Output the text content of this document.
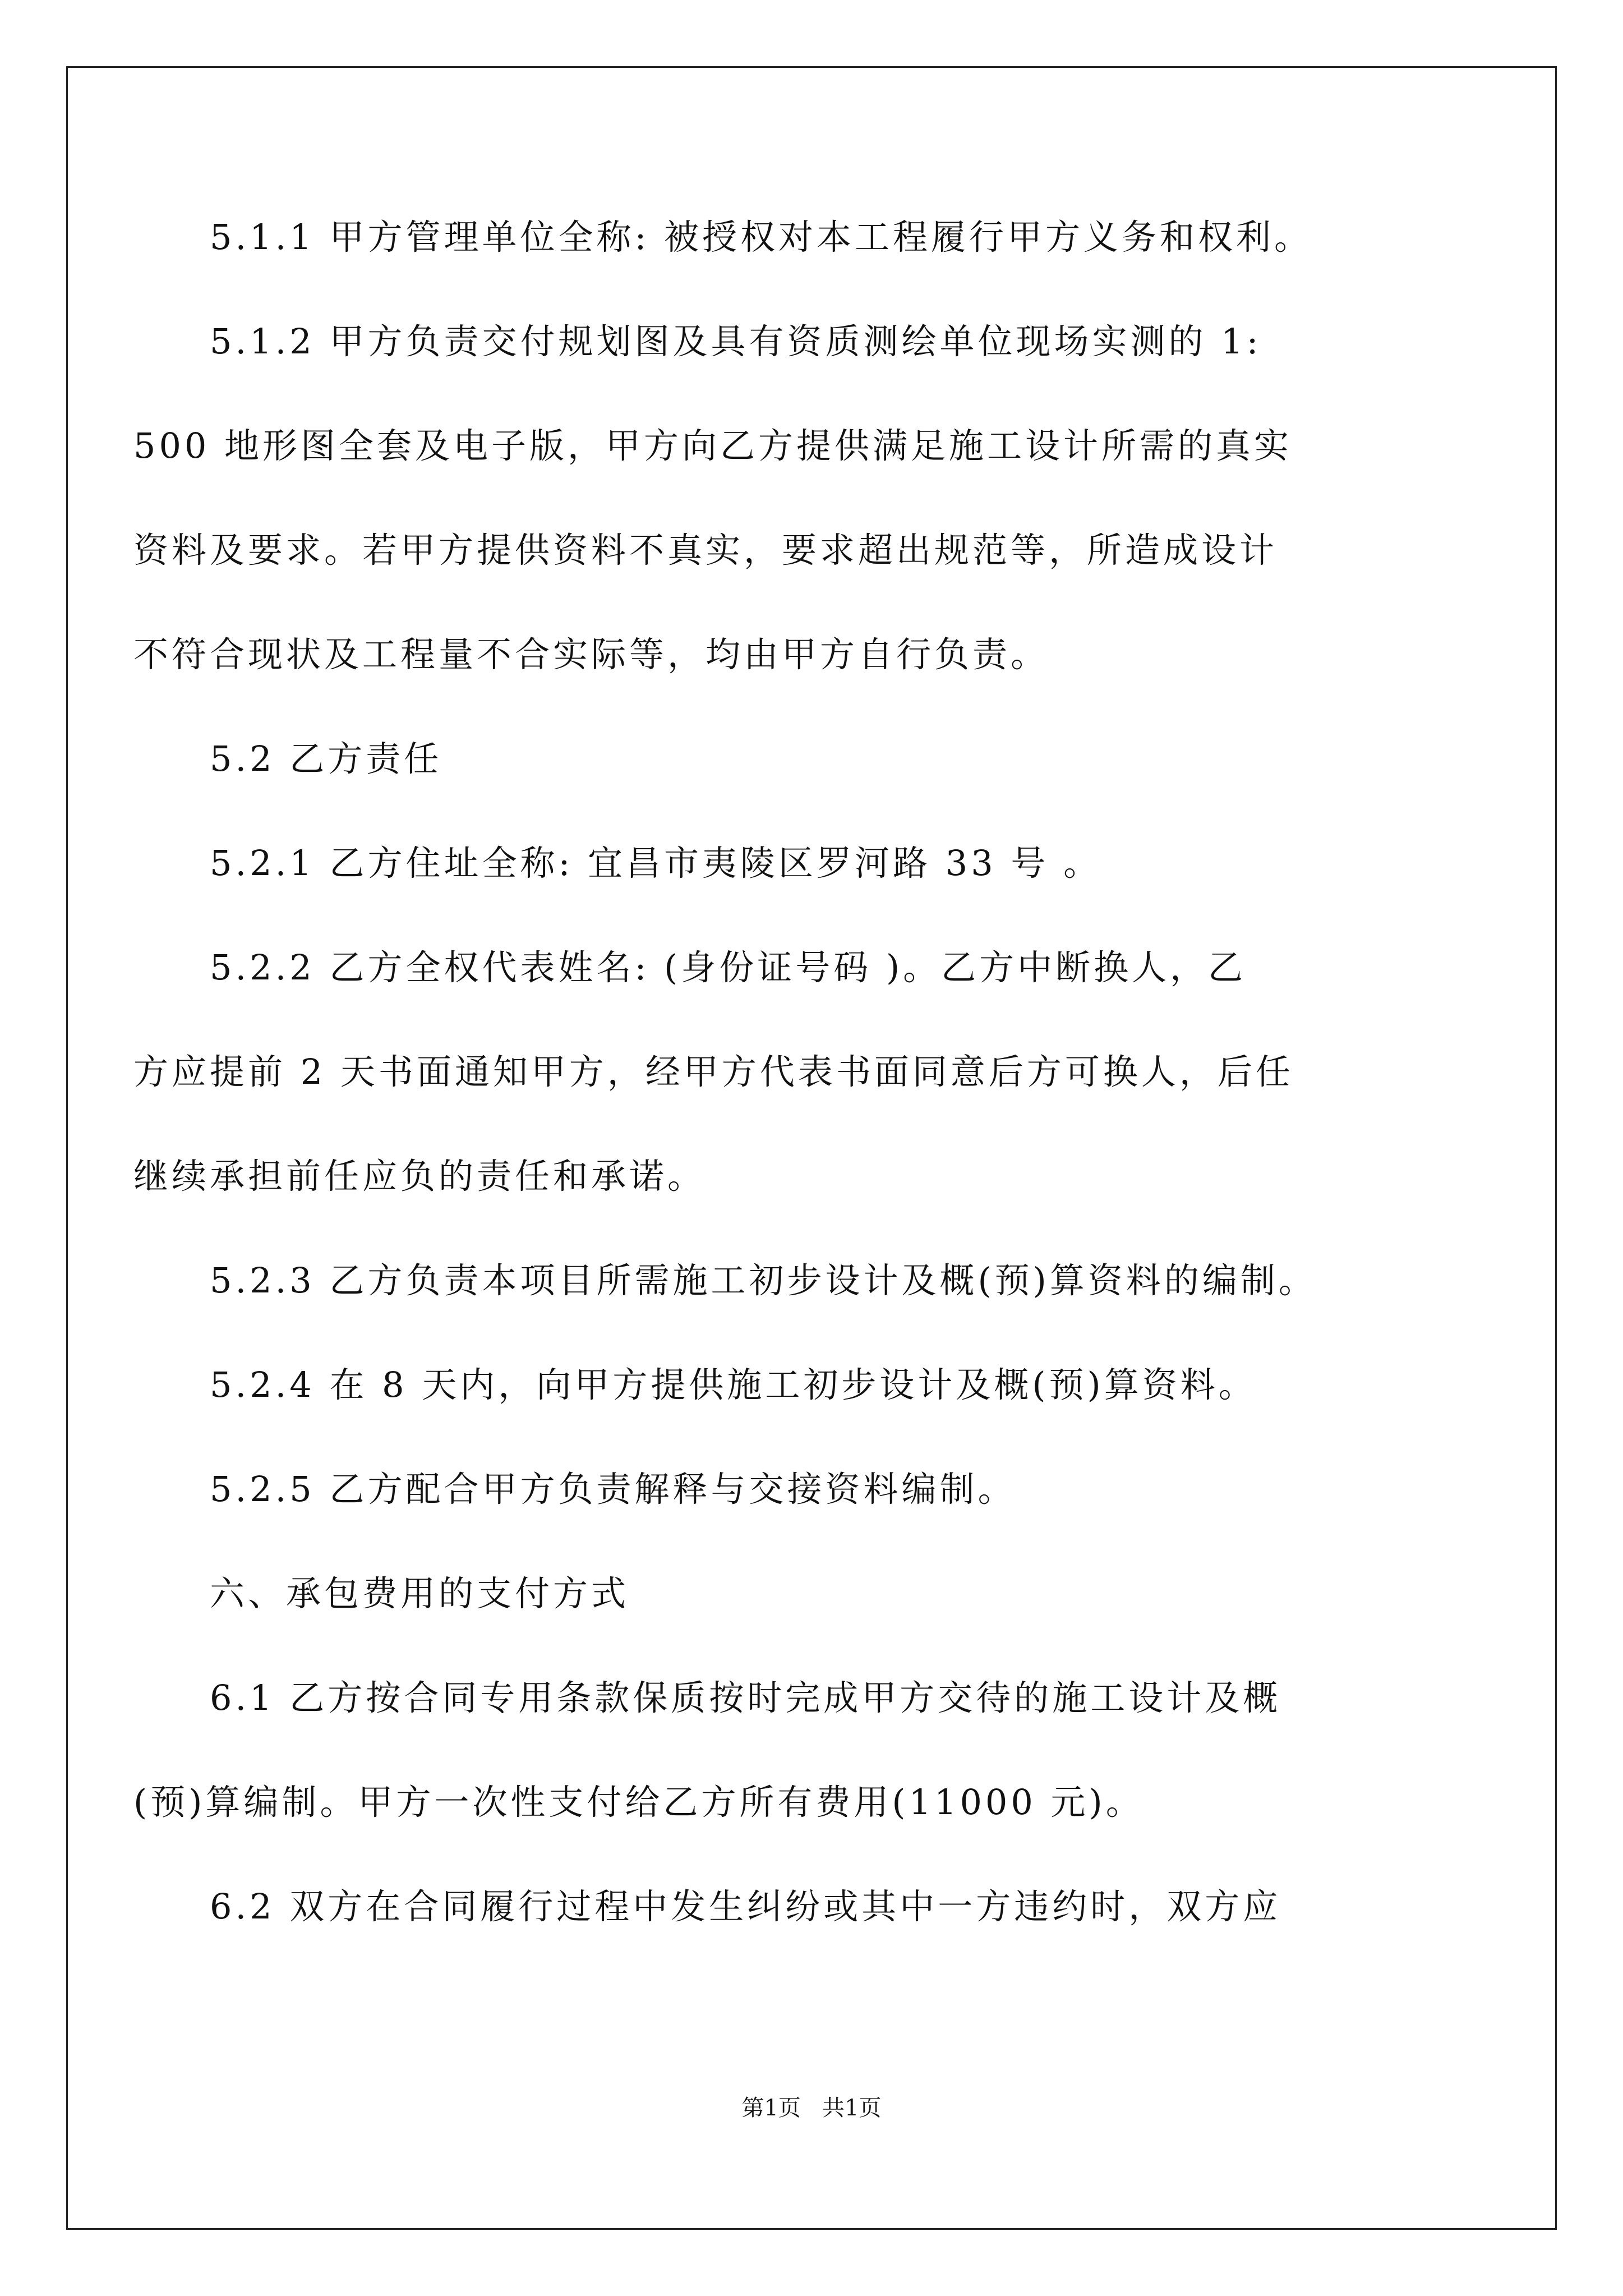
5.1.1 甲方管理单位全称: 被授权对本工程履行甲方义务和权利。
5.1.2 甲方负责交付规划图及具有资质测绘单位现场实测的 1:
500 地形图全套及电子版，甲方向乙方提供满足施工设计所需的真实
资料及要求。若甲方提供资料不真实，要求超出规范等，所造成设计
不符合现状及工程量不合实际等，均由甲方自行负责。
5.2 乙方责任
5.2.1 乙方住址全称: 宜昌市夷陵区罗河路 33 号 。
5.2.2 乙方全权代表姓名: (身份证号码 )。乙方中断换人，乙
方应提前 2 天书面通知甲方，经甲方代表书面同意后方可换人，后任
继续承担前任应负的责任和承诺。
5.2.3 乙方负责本项目所需施工初步设计及概(预)算资料的编制。
5.2.4 在 8 天内，向甲方提供施工初步设计及概(预)算资料。
5.2.5 乙方配合甲方负责解释与交接资料编制。
六、承包费用的支付方式
6.1 乙方按合同专用条款保质按时完成甲方交待的施工设计及概
(预)算编制。甲方一次性支付给乙方所有费用(11000 元)。
6.2 双方在合同履行过程中发生纠纷或其中一方违约时，双方应
第1页   共1页
